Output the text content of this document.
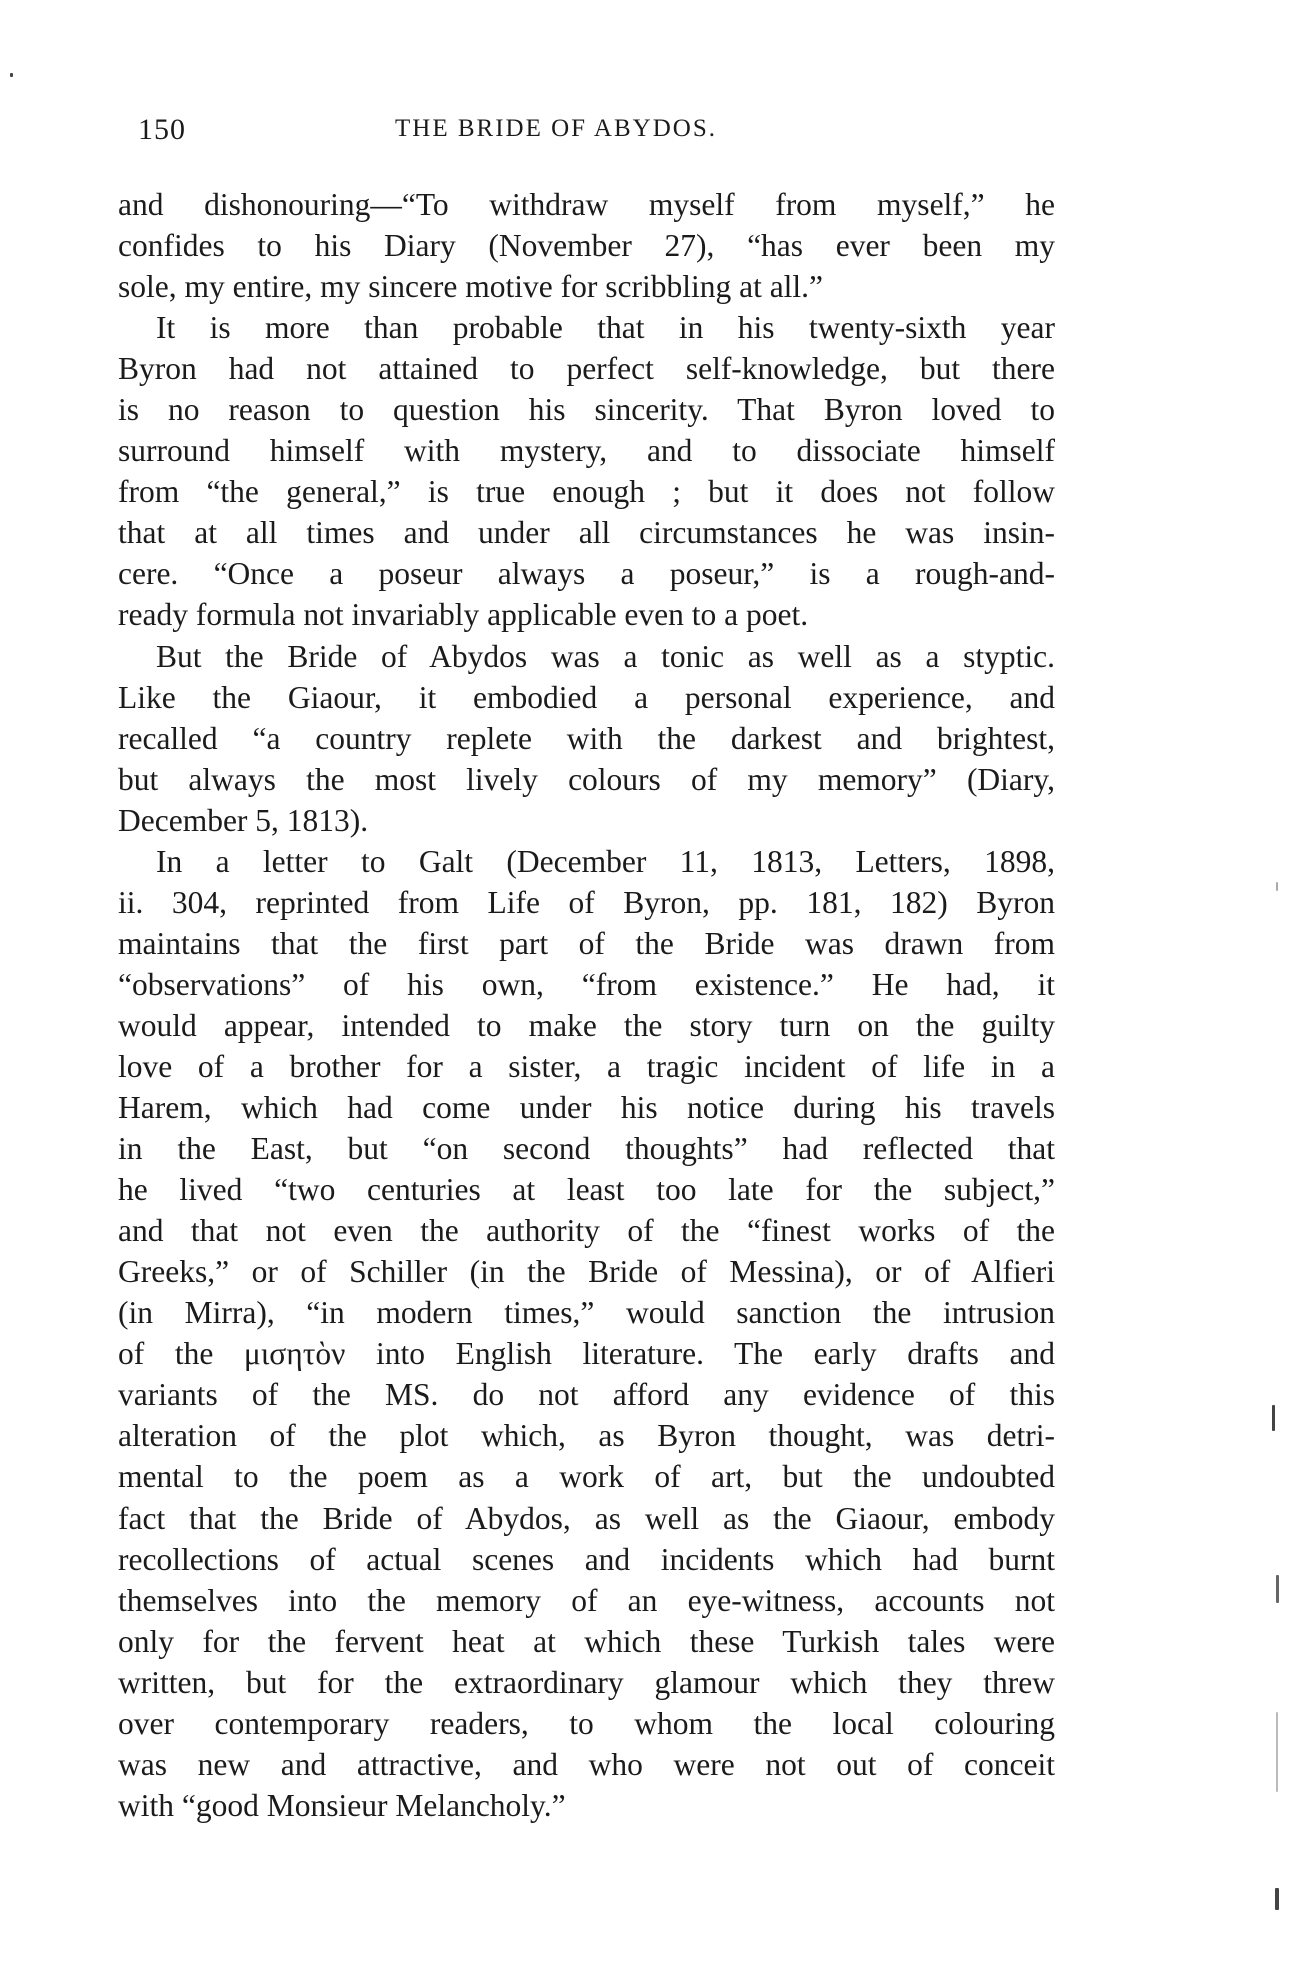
150	THE BRIDE OF ABYDOS.
and dishonouring—“To withdraw myself from myself,” he
confides to his Diary (November 27), “has ever been my
sole, my entire, my sincere motive for scribbling at all.”
It is more than probable that in his twenty-sixth year
Byron had not attained to perfect self-knowledge, but there
is no reason to question his sincerity. That Byron loved to
surround himself with mystery, and to dissociate himself
from “the general,” is true enough ; but it does not follow
that at all times and under all circumstances he was insin-
cere. “Once a poseur always a poseur,” is a rough-and-
ready formula not invariably applicable even to a poet.
But the Bride of Abydos was a tonic as well as a styptic.
Like the Giaour, it embodied a personal experience, and
recalled “a country replete with the darkest and brightest,
but always the most lively colours of my memory” (Diary,
December 5, 1813).
In a letter to Galt (December 11, 1813, Letters, 1898,
ii. 304, reprinted from Life of Byron, pp. 181, 182) Byron
maintains that the first part of the Bride was drawn from
“observations” of his own, “from existence.” He had, it
would appear, intended to make the story turn on the guilty
love of a brother for a sister, a tragic incident of life in a
Harem, which had come under his notice during his travels
in the East, but “on second thoughts” had reflected that
he lived “two centuries at least too late for the subject,”
and that not even the authority of the “finest works of the
Greeks,” or of Schiller (in the Bride of Messina), or of Alfieri
(in Mirra), “in modern times,” would sanction the intrusion
of the μισητὸν into English literature. The early drafts and
variants of the MS. do not afford any evidence of this
alteration of the plot which, as Byron thought, was detri-
mental to the poem as a work of art, but the undoubted
fact that the Bride of Abydos, as well as the Giaour, embody
recollections of actual scenes and incidents which had burnt
themselves into the memory of an eye-witness, accounts not
only for the fervent heat at which these Turkish tales were
written, but for the extraordinary glamour which they threw
over contemporary readers, to whom the local colouring
was new and attractive, and who were not out of conceit
with “good Monsieur Melancholy.”
